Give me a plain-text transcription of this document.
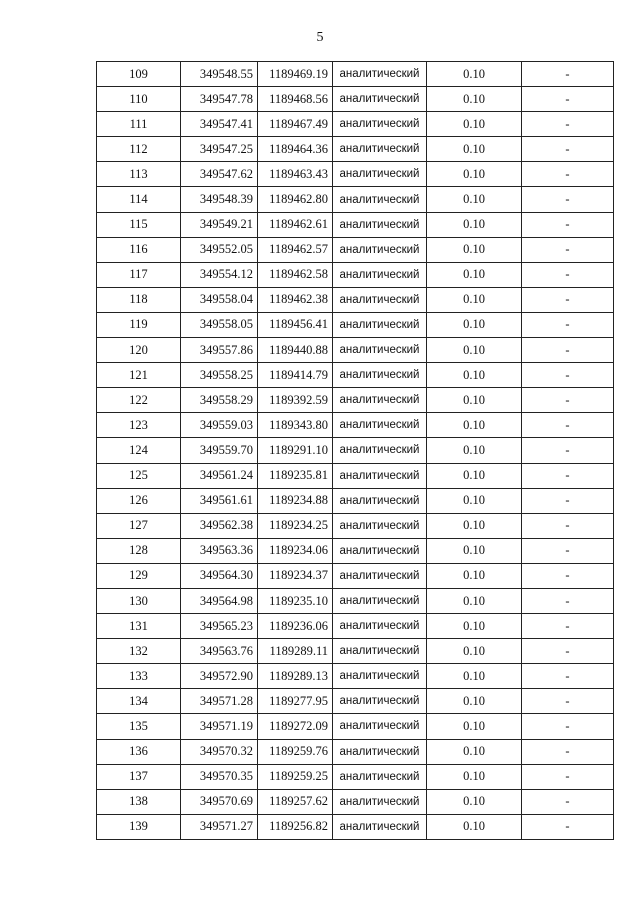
5
109	349548.55	1189469.19	аналитический	0.10	-
110	349547.78	1189468.56	аналитический	0.10	-
111	349547.41	1189467.49	аналитический	0.10	-
112	349547.25	1189464.36	аналитический	0.10	-
113	349547.62	1189463.43	аналитический	0.10	-
114	349548.39	1189462.80	аналитический	0.10	-
115	349549.21	1189462.61	аналитический	0.10	-
116	349552.05	1189462.57	аналитический	0.10	-
117	349554.12	1189462.58	аналитический	0.10	-
118	349558.04	1189462.38	аналитический	0.10	-
119	349558.05	1189456.41	аналитический	0.10	-
120	349557.86	1189440.88	аналитический	0.10	-
121	349558.25	1189414.79	аналитический	0.10	-
122	349558.29	1189392.59	аналитический	0.10	-
123	349559.03	1189343.80	аналитический	0.10	-
124	349559.70	1189291.10	аналитический	0.10	-
125	349561.24	1189235.81	аналитический	0.10	-
126	349561.61	1189234.88	аналитический	0.10	-
127	349562.38	1189234.25	аналитический	0.10	-
128	349563.36	1189234.06	аналитический	0.10	-
129	349564.30	1189234.37	аналитический	0.10	-
130	349564.98	1189235.10	аналитический	0.10	-
131	349565.23	1189236.06	аналитический	0.10	-
132	349563.76	1189289.11	аналитический	0.10	-
133	349572.90	1189289.13	аналитический	0.10	-
134	349571.28	1189277.95	аналитический	0.10	-
135	349571.19	1189272.09	аналитический	0.10	-
136	349570.32	1189259.76	аналитический	0.10	-
137	349570.35	1189259.25	аналитический	0.10	-
138	349570.69	1189257.62	аналитический	0.10	-
139	349571.27	1189256.82	аналитический	0.10	-
